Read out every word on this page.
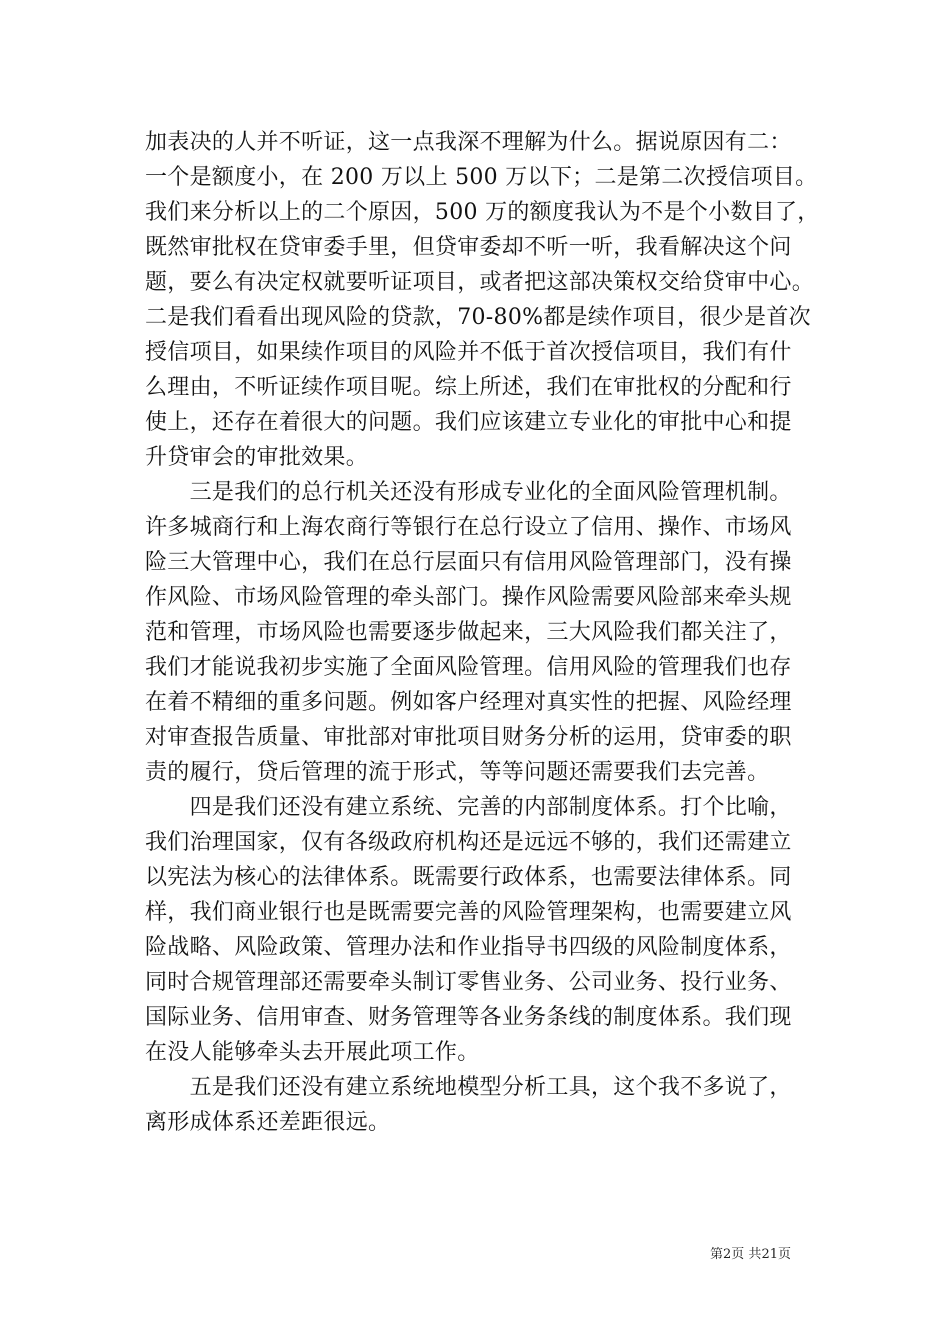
加表决的人并不听证，这一点我深不理解为什么。据说原因有二：
一个是额度小，在 200 万以上 500 万以下；二是第二次授信项目。
我们来分析以上的二个原因，500 万的额度我认为不是个小数目了，
既然审批权在贷审委手里，但贷审委却不听一听，我看解决这个问
题，要么有决定权就要听证项目，或者把这部决策权交给贷审中心。
二是我们看看出现风险的贷款，70-80%都是续作项目，很少是首次
授信项目，如果续作项目的风险并不低于首次授信项目，我们有什
么理由，不听证续作项目呢。综上所述，我们在审批权的分配和行
使上，还存在着很大的问题。我们应该建立专业化的审批中心和提
升贷审会的审批效果。
　　三是我们的总行机关还没有形成专业化的全面风险管理机制。
许多城商行和上海农商行等银行在总行设立了信用、操作、市场风
险三大管理中心，我们在总行层面只有信用风险管理部门，没有操
作风险、市场风险管理的牵头部门。操作风险需要风险部来牵头规
范和管理，市场风险也需要逐步做起来，三大风险我们都关注了，
我们才能说我初步实施了全面风险管理。信用风险的管理我们也存
在着不精细的重多问题。例如客户经理对真实性的把握、风险经理
对审查报告质量、审批部对审批项目财务分析的运用，贷审委的职
责的履行，贷后管理的流于形式，等等问题还需要我们去完善。
　　四是我们还没有建立系统、完善的内部制度体系。打个比喻，
我们治理国家，仅有各级政府机构还是远远不够的，我们还需建立
以宪法为核心的法律体系。既需要行政体系，也需要法律体系。同
样，我们商业银行也是既需要完善的风险管理架构，也需要建立风
险战略、风险政策、管理办法和作业指导书四级的风险制度体系，
同时合规管理部还需要牵头制订零售业务、公司业务、投行业务、
国际业务、信用审查、财务管理等各业务条线的制度体系。我们现
在没人能够牵头去开展此项工作。
　　五是我们还没有建立系统地模型分析工具，这个我不多说了，
离形成体系还差距很远。
第2页 共21页
